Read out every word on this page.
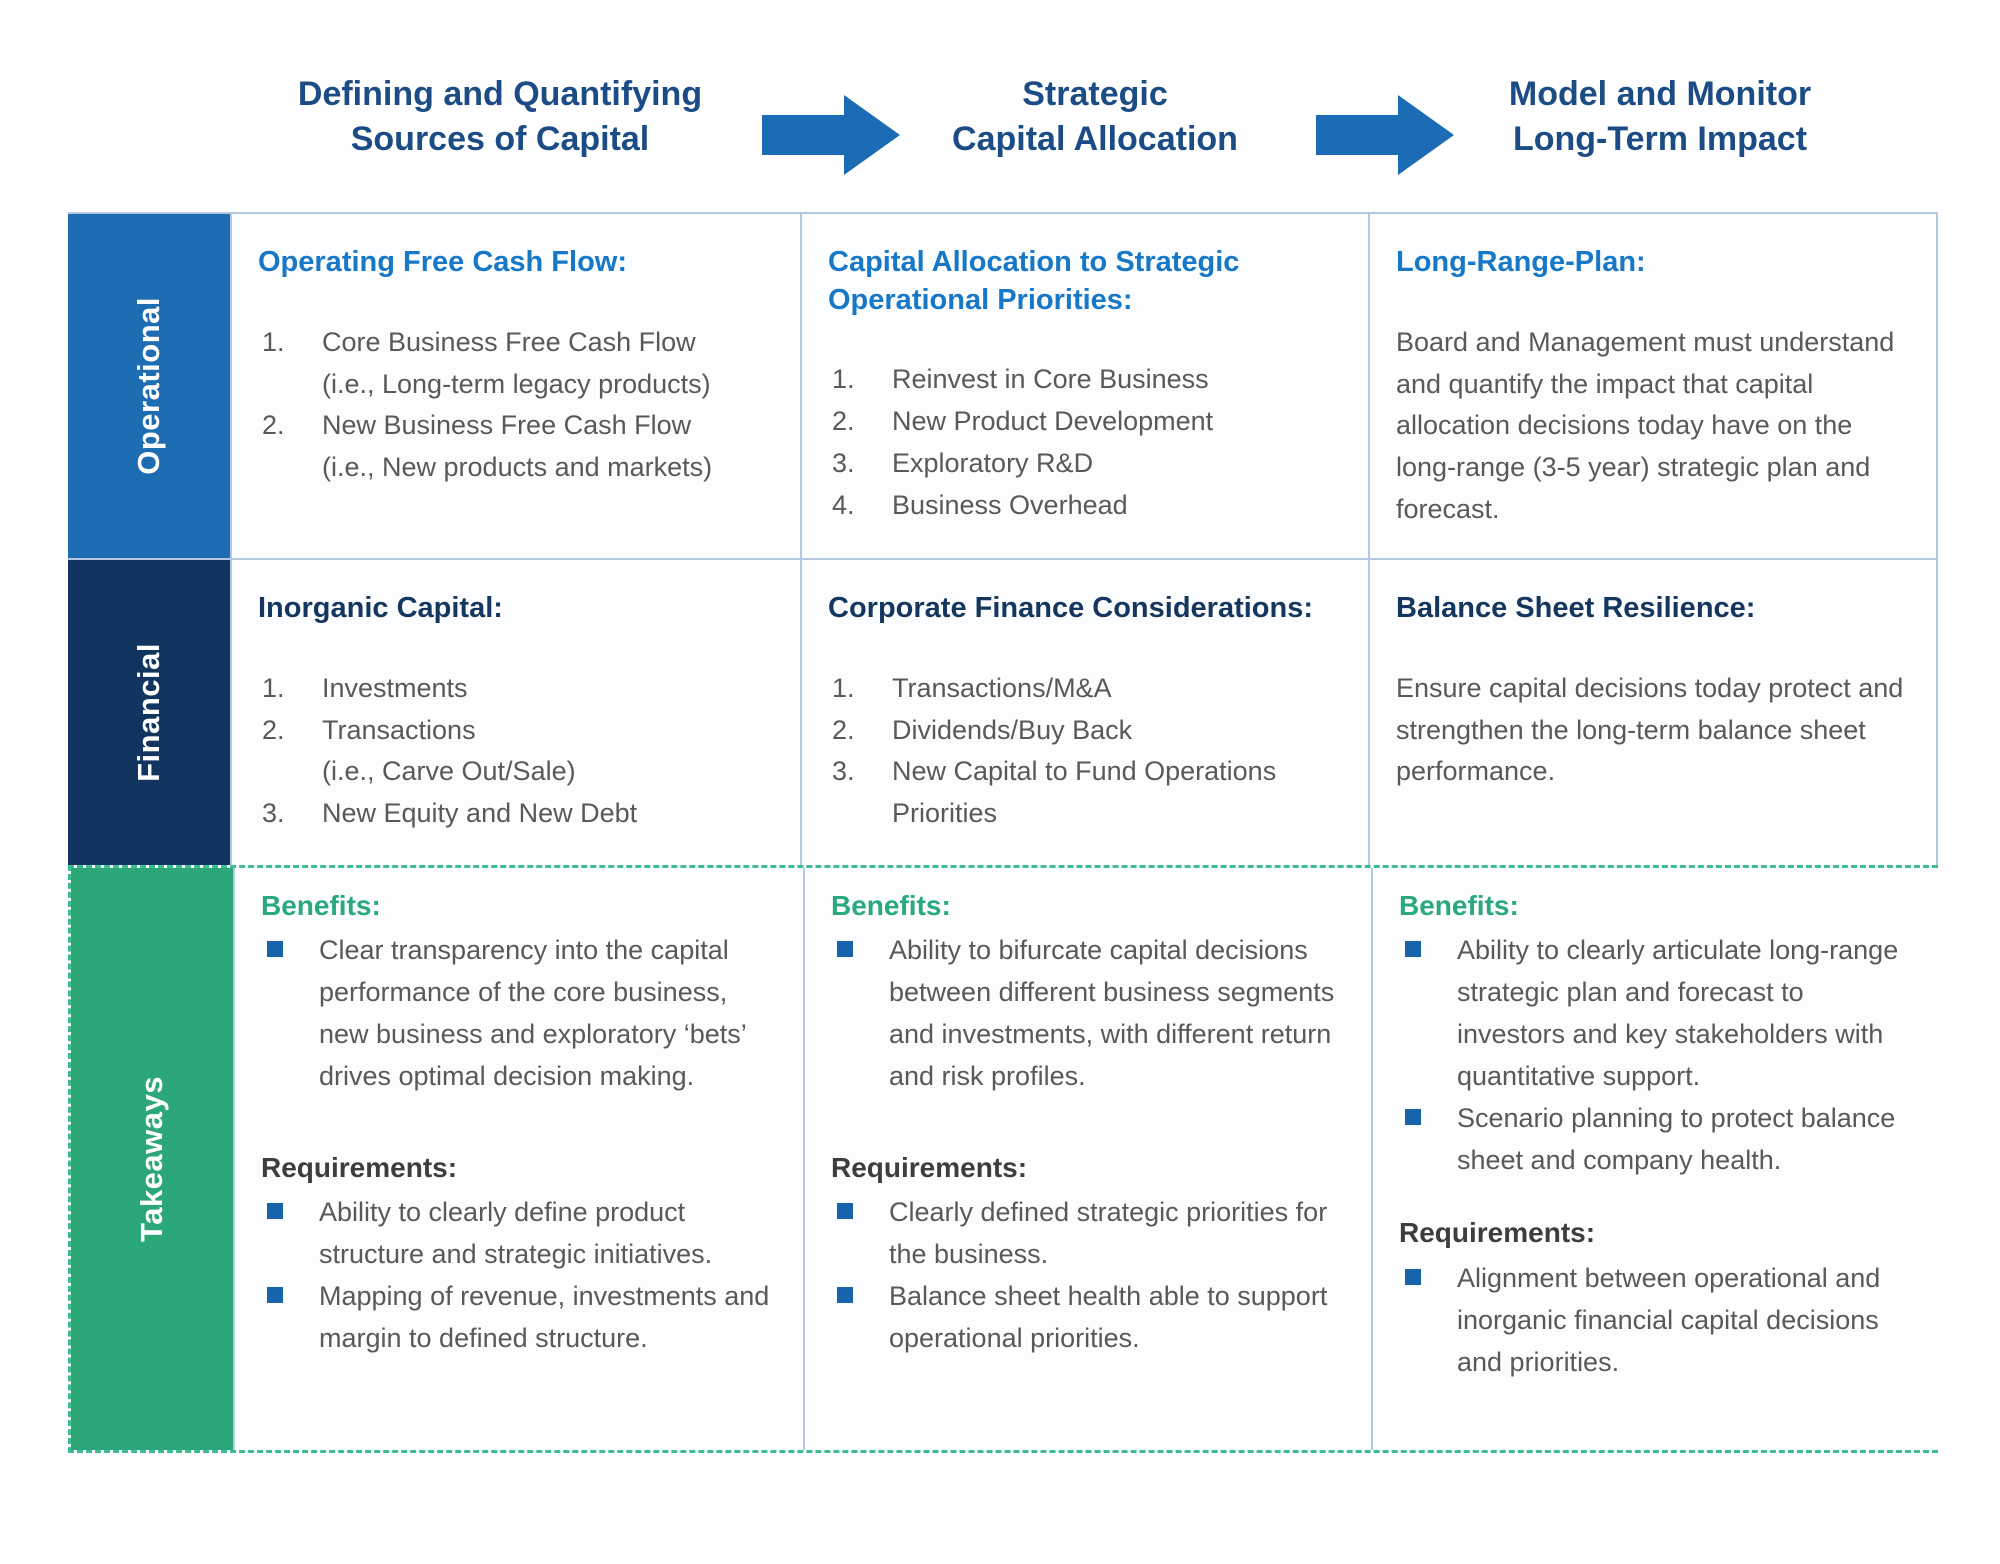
Defining and Quantifying
Sources of Capital
Strategic
Capital Allocation
Model and Monitor
Long-Term Impact
Operational

Operating Free Cash Flow:

Core Business Free Cash Flow
(i.e., Long-term legacy products)
New Business Free Cash Flow
(i.e., New products and markets)

Capital Allocation to Strategic Operational Priorities:

Reinvest in Core Business
New Product Development
Exploratory R&D
Business Overhead

Long-Range-Plan:

Board and Management must understand and quantify the impact that capital allocation decisions today have on the long-range (3-5 year) strategic plan and forecast.

Financial

Inorganic Capital:

Investments
Transactions
(i.e., Carve Out/Sale)
New Equity and New Debt

Corporate Finance Considerations:

Transactions/M&A
Dividends/Buy Back
New Capital to Fund Operations Priorities

Balance Sheet Resilience:

Ensure capital decisions today protect and strengthen the long-term balance sheet performance.

Takeaways

Benefits:

Clear transparency into the capital performance of the core business, new business and exploratory ‘bets’ drives optimal decision making.

Requirements:

Ability to clearly define product structure and strategic initiatives.
Mapping of revenue, investments and margin to defined structure.

Benefits:

Ability to bifurcate capital decisions between different business segments and investments, with different return and risk profiles.

Requirements:

Clearly defined strategic priorities for the business.
Balance sheet health able to support operational priorities.

Benefits:

Ability to clearly articulate long-range strategic plan and forecast to investors and key stakeholders with quantitative support.
Scenario planning to protect balance sheet and company health.

Requirements:

Alignment between operational and inorganic financial capital decisions and priorities.
